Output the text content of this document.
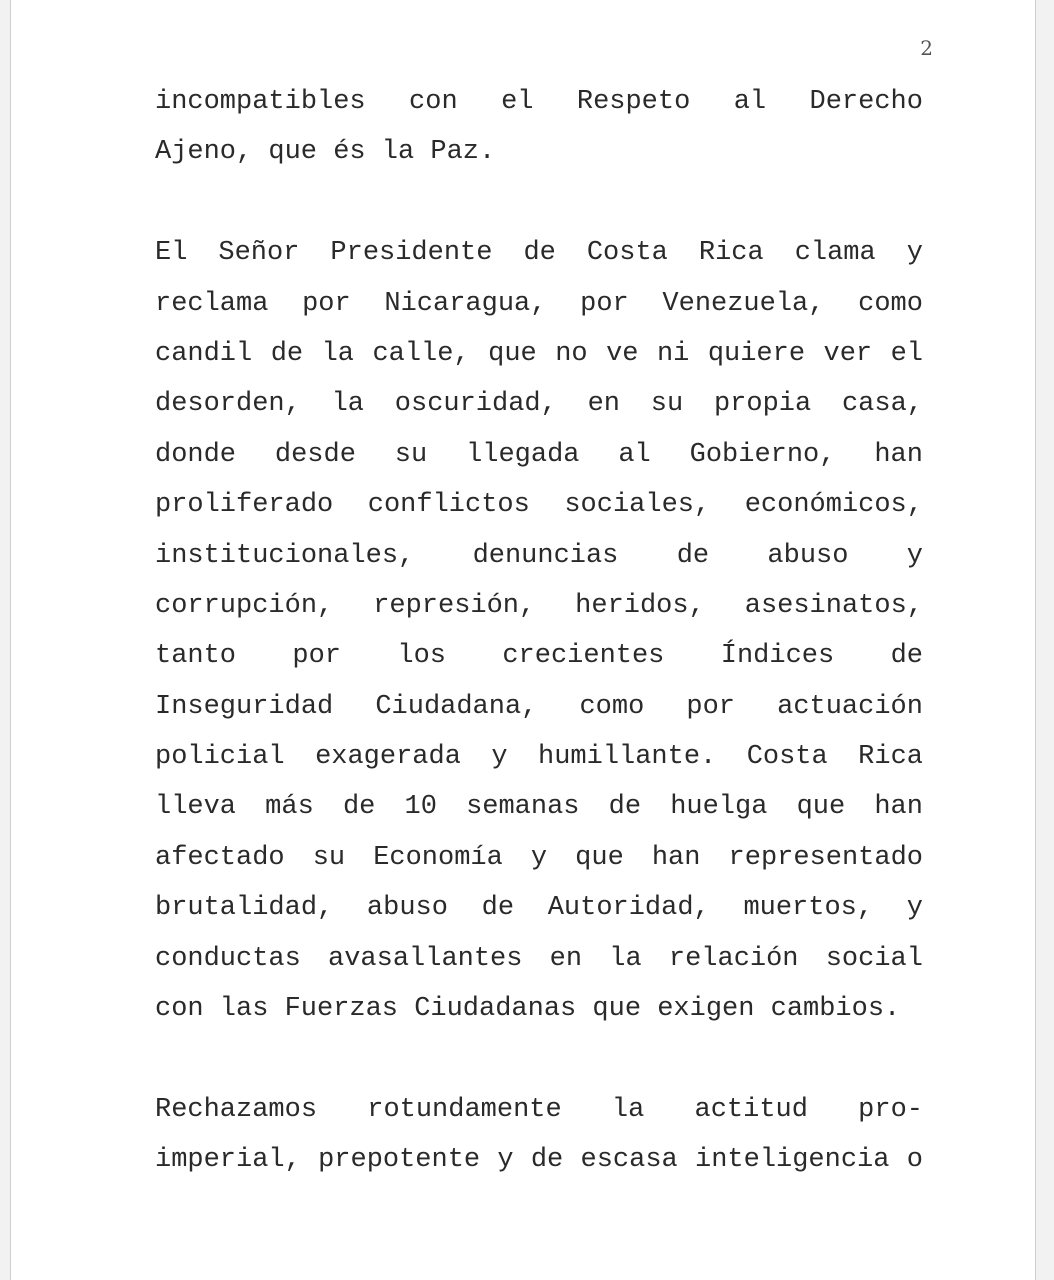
2
incompatibles con el Respeto al Derecho
Ajeno, que és la Paz.
El Señor Presidente de Costa Rica clama y
reclama por Nicaragua, por Venezuela, como
candil de la calle, que no ve ni quiere ver el
desorden, la oscuridad, en su propia casa,
donde desde su llegada al Gobierno, han
proliferado conflictos sociales, económicos,
institucionales, denuncias de abuso y
corrupción, represión, heridos, asesinatos,
tanto por los crecientes Índices de
Inseguridad Ciudadana, como por actuación
policial exagerada y humillante. Costa Rica
lleva más de 10 semanas de huelga que han
afectado su Economía y que han representado
brutalidad, abuso de Autoridad, muertos, y
conductas avasallantes en la relación social
con las Fuerzas Ciudadanas que exigen cambios.
Rechazamos rotundamente la actitud pro-
imperial, prepotente y de escasa inteligencia o
